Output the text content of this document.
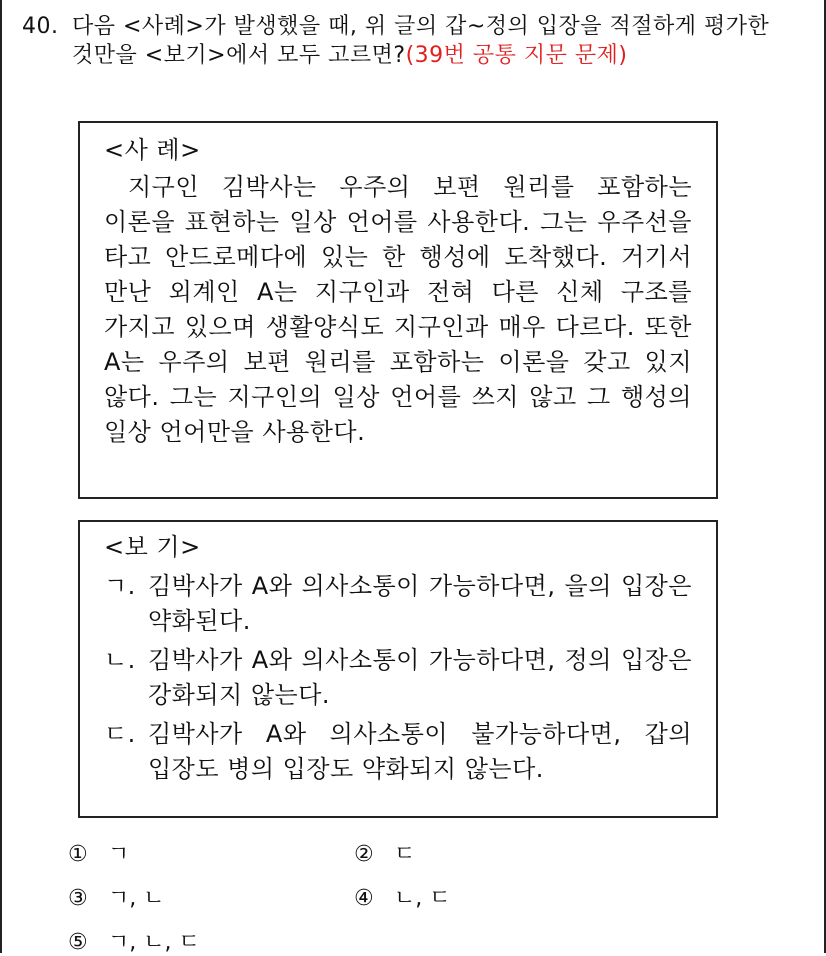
40. 다음 <사례>가 발생했을 때, 위 글의 갑~정의 입장을 적절하게 평가한 것만을 <보기>에서 모두 고르면?(39번 공통 지문 문제)
<사 례>
지구인 김박사는 우주의 보편 원리를 포함하는 이론을 표현하는 일상 언어를 사용한다. 그는 우주선을 타고 안드로메다에 있는 한 행성에 도착했다. 거기서 만난 외계인 A는 지구인과 전혀 다른 신체 구조를 가지고 있으며 생활양식도 지구인과 매우 다르다. 또한 A는 우주의 보편 원리를 포함하는 이론을 갖고 있지 않다. 그는 지구인의 일상 언어를 쓰지 않고 그 행성의 일상 언어만을 사용한다.
<보 기>
ㄱ. 김박사가 A와 의사소통이 가능하다면, 을의 입장은 약화된다.
ㄴ. 김박사가 A와 의사소통이 가능하다면, 정의 입장은 강화되지 않는다.
ㄷ. 김박사가 A와 의사소통이 불가능하다면, 갑의 입장도 병의 입장도 약화되지 않는다.
① ㄱ	② ㄷ
③ ㄱ, ㄴ	④ ㄴ, ㄷ
⑤ ㄱ, ㄴ, ㄷ
